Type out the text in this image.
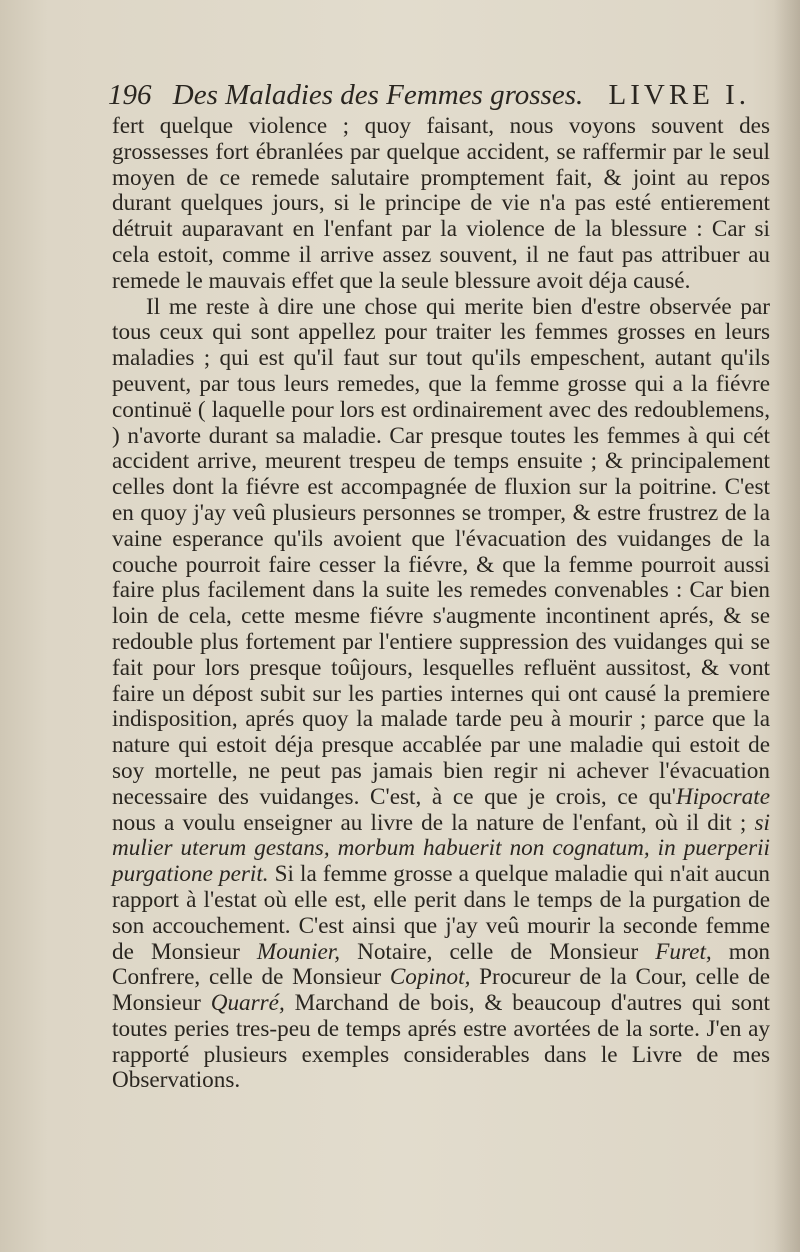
196 Des Maladies des Femmes grosses. LIVRE I.

fert quelque violence ; quoy faisant, nous voyons souvent des grossesses fort ébranlées par quelque accident, se raffermir par le seul moyen de ce remede salutaire promptement fait, & joint au repos durant quelques jours, si le principe de vie n'a pas esté entierement détruit auparavant en l'enfant par la violence de la blessure : Car si cela estoit, comme il arrive assez souvent, il ne faut pas attribuer au remede le mauvais effet que la seule blessure avoit déja causé.

Il me reste à dire une chose qui merite bien d'estre observée par tous ceux qui sont appellez pour traiter les femmes grosses en leurs maladies ; qui est qu'il faut sur tout qu'ils empeschent, autant qu'ils peuvent, par tous leurs remedes, que la femme grosse qui a la fiévre continuë ( laquelle pour lors est ordinairement avec des redoublemens, ) n'avorte durant sa maladie. Car presque toutes les femmes à qui cét accident arrive, meurent trespeu de temps ensuite ; & principalement celles dont la fiévre est accompagnée de fluxion sur la poitrine. C'est en quoy j'ay veû plusieurs personnes se tromper, & estre frustrez de la vaine esperance qu'ils avoient que l'évacuation des vuidanges de la couche pourroit faire cesser la fiévre, & que la femme pourroit aussi faire plus facilement dans la suite les remedes convenables : Car bien loin de cela, cette mesme fiévre s'augmente incontinent aprés, & se redouble plus fortement par l'entiere suppression des vuidanges qui se fait pour lors presque toûjours, lesquelles refluënt aussitost, & vont faire un dépost subit sur les parties internes qui ont causé la premiere indisposition, aprés quoy la malade tarde peu à mourir ; parce que la nature qui estoit déja presque accablée par une maladie qui estoit de soy mortelle, ne peut pas jamais bien regir ni achever l'évacuation necessaire des vuidanges. C'est, à ce que je crois, ce qu'Hipocrate nous a voulu enseigner au livre de la nature de l'enfant, où il dit ; si mulier uterum gestans, morbum habuerit non cognatum, in puerperii purgatione perit. Si la femme grosse a quelque maladie qui n'ait aucun rapport à l'estat où elle est, elle perit dans le temps de la purgation de son accouchement. C'est ainsi que j'ay veû mourir la seconde femme de Monsieur Mounier, Notaire, celle de Monsieur Furet, mon Confrere, celle de Monsieur Copinot, Procureur de la Cour, celle de Monsieur Quarré, Marchand de bois, & beaucoup d'autres qui sont toutes peries tres-peu de temps aprés estre avortées de la sorte. J'en ay rapporté plusieurs exemples considerables dans le Livre de mes Observations.
